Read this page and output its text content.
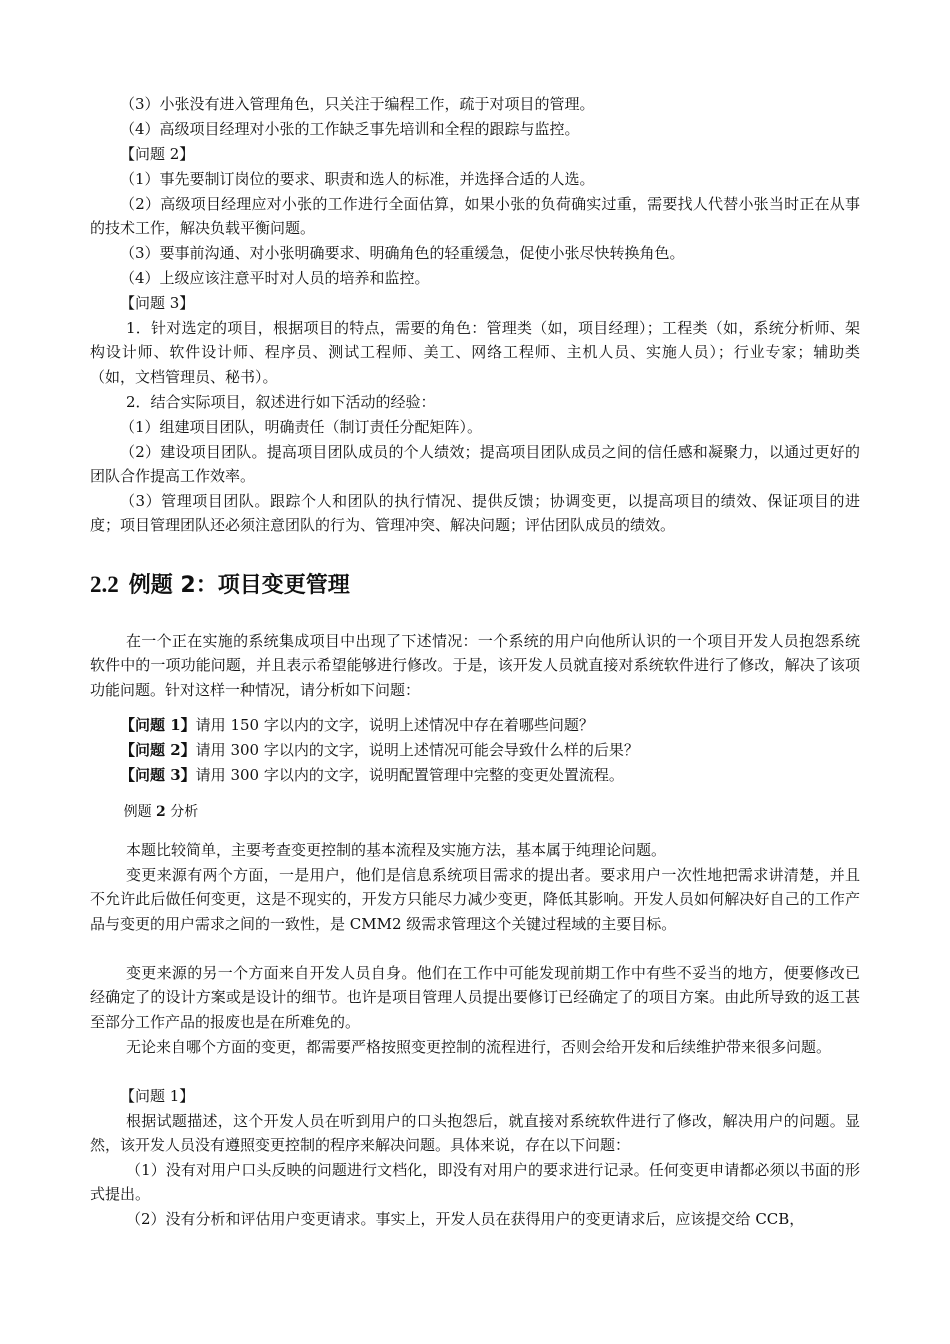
（3）小张没有进入管理角色，只关注于编程工作，疏于对项目的管理。

（4）高级项目经理对小张的工作缺乏事先培训和全程的跟踪与监控。

【问题 2】

（1）事先要制订岗位的要求、职责和选人的标准，并选择合适的人选。

（2）高级项目经理应对小张的工作进行全面估算，如果小张的负荷确实过重，需要找人代替小张当时正在从事的技术工作，解决负载平衡问题。

（3）要事前沟通、对小张明确要求、明确角色的轻重缓急，促使小张尽快转换角色。

（4）上级应该注意平时对人员的培养和监控。

【问题 3】

1．针对选定的项目，根据项目的特点，需要的角色：管理类（如，项目经理）；工程类（如，系统分析师、架构设计师、软件设计师、程序员、测试工程师、美工、网络工程师、主机人员、实施人员）；行业专家；辅助类（如，文档管理员、秘书）。

2．结合实际项目，叙述进行如下活动的经验：

（1）组建项目团队，明确责任（制订责任分配矩阵）。

（2）建设项目团队。提高项目团队成员的个人绩效；提高项目团队成员之间的信任感和凝聚力，以通过更好的团队合作提高工作效率。

（3）管理项目团队。跟踪个人和团队的执行情况、提供反馈；协调变更，以提高项目的绩效、保证项目的进度；项目管理团队还必须注意团队的行为、管理冲突、解决问题；评估团队成员的绩效。

2.2 例题 2：项目变更管理

在一个正在实施的系统集成项目中出现了下述情况：一个系统的用户向他所认识的一个项目开发人员抱怨系统软件中的一项功能问题，并且表示希望能够进行修改。于是，该开发人员就直接对系统软件进行了修改，解决了该项功能问题。针对这样一种情况，请分析如下问题：

【问题 1】请用 150 字以内的文字，说明上述情况中存在着哪些问题？

【问题 2】请用 300 字以内的文字，说明上述情况可能会导致什么样的后果？

【问题 3】请用 300 字以内的文字，说明配置管理中完整的变更处置流程。

例题 2 分析

本题比较简单，主要考查变更控制的基本流程及实施方法，基本属于纯理论问题。

变更来源有两个方面，一是用户，他们是信息系统项目需求的提出者。要求用户一次性地把需求讲清楚，并且不允许此后做任何变更，这是不现实的，开发方只能尽力减少变更，降低其影响。开发人员如何解决好自己的工作产品与变更的用户需求之间的一致性，是 CMM2 级需求管理这个关键过程域的主要目标。

变更来源的另一个方面来自开发人员自身。他们在工作中可能发现前期工作中有些不妥当的地方，便要修改已经确定了的设计方案或是设计的细节。也许是项目管理人员提出要修订已经确定了的项目方案。由此所导致的返工甚至部分工作产品的报废也是在所难免的。

无论来自哪个方面的变更，都需要严格按照变更控制的流程进行，否则会给开发和后续维护带来很多问题。

【问题 1】

根据试题描述，这个开发人员在听到用户的口头抱怨后，就直接对系统软件进行了修改，解决用户的问题。显然，该开发人员没有遵照变更控制的程序来解决问题。具体来说，存在以下问题：

（1）没有对用户口头反映的问题进行文档化，即没有对用户的要求进行记录。任何变更申请都必须以书面的形式提出。

（2）没有分析和评估用户变更请求。事实上，开发人员在获得用户的变更请求后，应该提交给 CCB，
